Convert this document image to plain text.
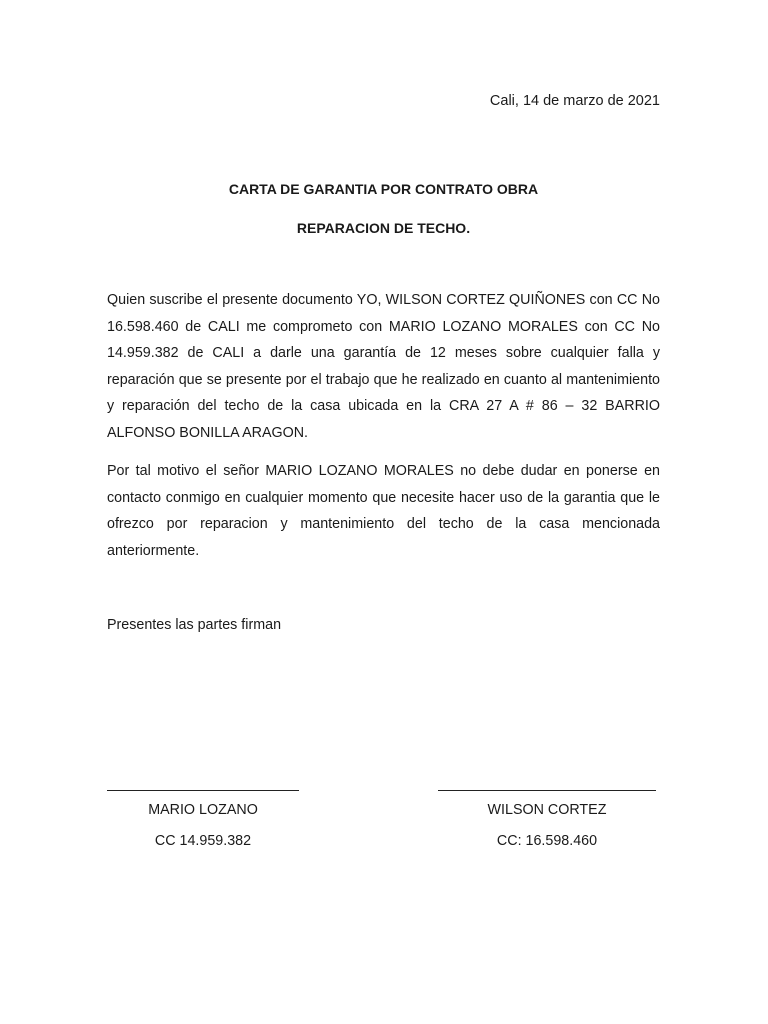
Cali, 14 de marzo de 2021
CARTA DE GARANTIA POR CONTRATO OBRA
REPARACION DE TECHO.

Quien suscribe el presente documento YO, WILSON CORTEZ QUIÑONES con CC No 16.598.460 de CALI me comprometo con MARIO LOZANO MORALES con CC No 14.959.382 de CALI a darle una garantía de 12 meses sobre cualquier falla y reparación que se presente por el trabajo que he realizado en cuanto al mantenimiento y reparación del techo de la casa ubicada en la CRA 27 A # 86 – 32 BARRIO ALFONSO BONILLA ARAGON.

Por tal motivo el señor MARIO LOZANO MORALES no debe dudar en ponerse en contacto conmigo en cualquier momento que necesite hacer uso de la garantia que le ofrezco por reparacion y mantenimiento del techo de la casa mencionada anteriormente.

Presentes las partes firman
MARIO LOZANO
CC 14.959.382
WILSON CORTEZ
CC: 16.598.460
